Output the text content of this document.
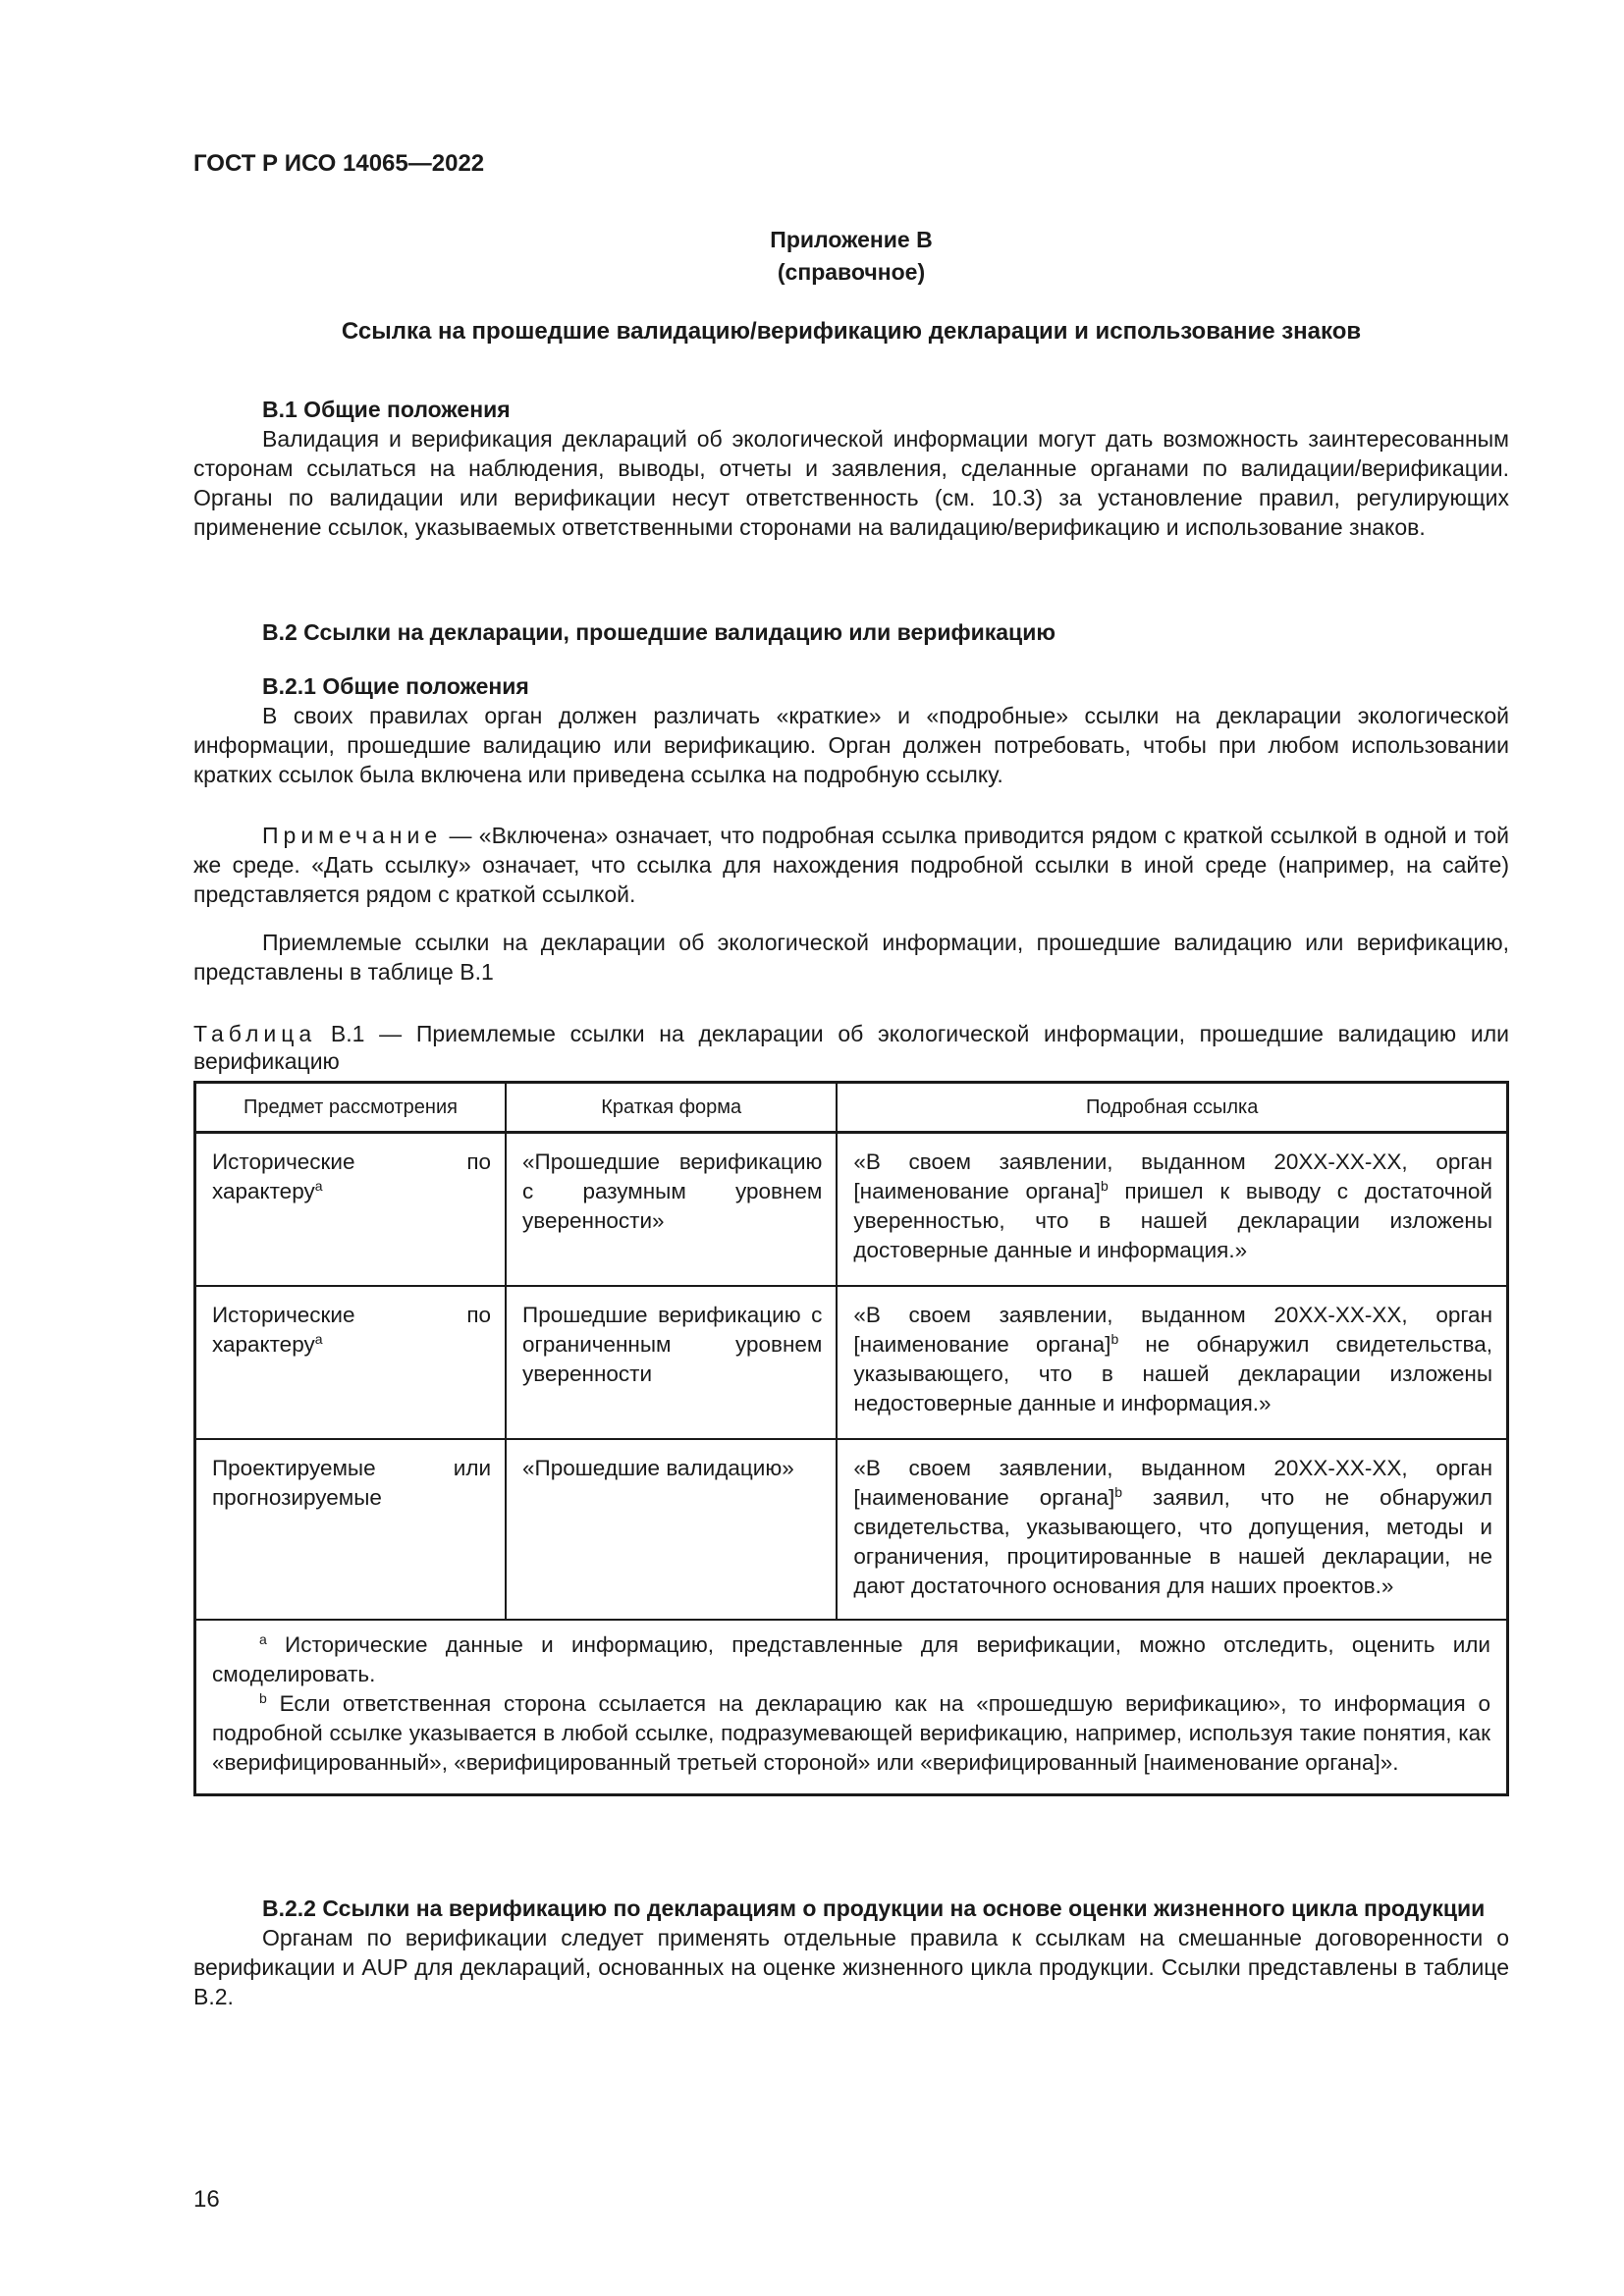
ГОСТ Р ИСО 14065—2022
Приложение В
(справочное)
Ссылка на прошедшие валидацию/верификацию декларации и использование знаков
В.1 Общие положения
Валидация и верификация деклараций об экологической информации могут дать возможность заинтересованным сторонам ссылаться на наблюдения, выводы, отчеты и заявления, сделанные органами по валидации/верификации. Органы по валидации или верификации несут ответственность (см. 10.3) за установление правил, регулирующих применение ссылок, указываемых ответственными сторонами на валидацию/верификацию и использование знаков.
В.2 Ссылки на декларации, прошедшие валидацию или верификацию
В.2.1 Общие положения
В своих правилах орган должен различать «краткие» и «подробные» ссылки на декларации экологической информации, прошедшие валидацию или верификацию. Орган должен потребовать, чтобы при любом использовании кратких ссылок была включена или приведена ссылка на подробную ссылку.
Примечание — «Включена» означает, что подробная ссылка приводится рядом с краткой ссылкой в одной и той же среде. «Дать ссылку» означает, что ссылка для нахождения подробной ссылки в иной среде (например, на сайте) представляется рядом с краткой ссылкой.
Приемлемые ссылки на декларации об экологической информации, прошедшие валидацию или верификацию, представлены в таблице В.1
Таблица В.1 — Приемлемые ссылки на декларации об экологической информации, прошедшие валидацию или верификацию
Предмет рассмотрения	Краткая форма	Подробная ссылка
Исторические по характеру$^a$	«Прошедшие верификацию с разумным уровнем уверенности»	«В своем заявлении, выданном 20XX-XX-XX, орган [наименование органа]$^b$ пришел к выводу с достаточной уверенностью, что в нашей декларации изложены достоверные данные и информация.»
Исторические по характеру$^a$	Прошедшие верификацию с ограниченным уровнем уверенности	«В своем заявлении, выданном 20XX-XX-XX, орган [наименование органа]$^b$ не обнаружил свидетельства, указывающего, что в нашей декларации изложены недостоверные данные и информация.»
Проектируемые или прогнозируемые	«Прошедшие валидацию»	«В своем заявлении, выданном 20XX-XX-XX, орган [наименование органа]$^b$ заявил, что не обнаружил свидетельства, указывающего, что допущения, методы и ограничения, процитированные в нашей декларации, не дают достаточного основания для наших проектов.»

$^a$ Исторические данные и информацию, представленные для верификации, можно отследить, оценить или смоделировать.
$^b$ Если ответственная сторона ссылается на декларацию как на «прошедшую верификацию», то информация о подробной ссылке указывается в любой ссылке, подразумевающей верификацию, например, используя такие понятия, как «верифицированный», «верифицированный третьей стороной» или «верифицированный [наименование органа]».		
В.2.2 Ссылки на верификацию по декларациям о продукции на основе оценки жизненного цикла продукции
Органам по верификации следует применять отдельные правила к ссылкам на смешанные договоренности о верификации и AUP для деклараций, основанных на оценке жизненного цикла продукции. Ссылки представлены в таблице В.2.
16
